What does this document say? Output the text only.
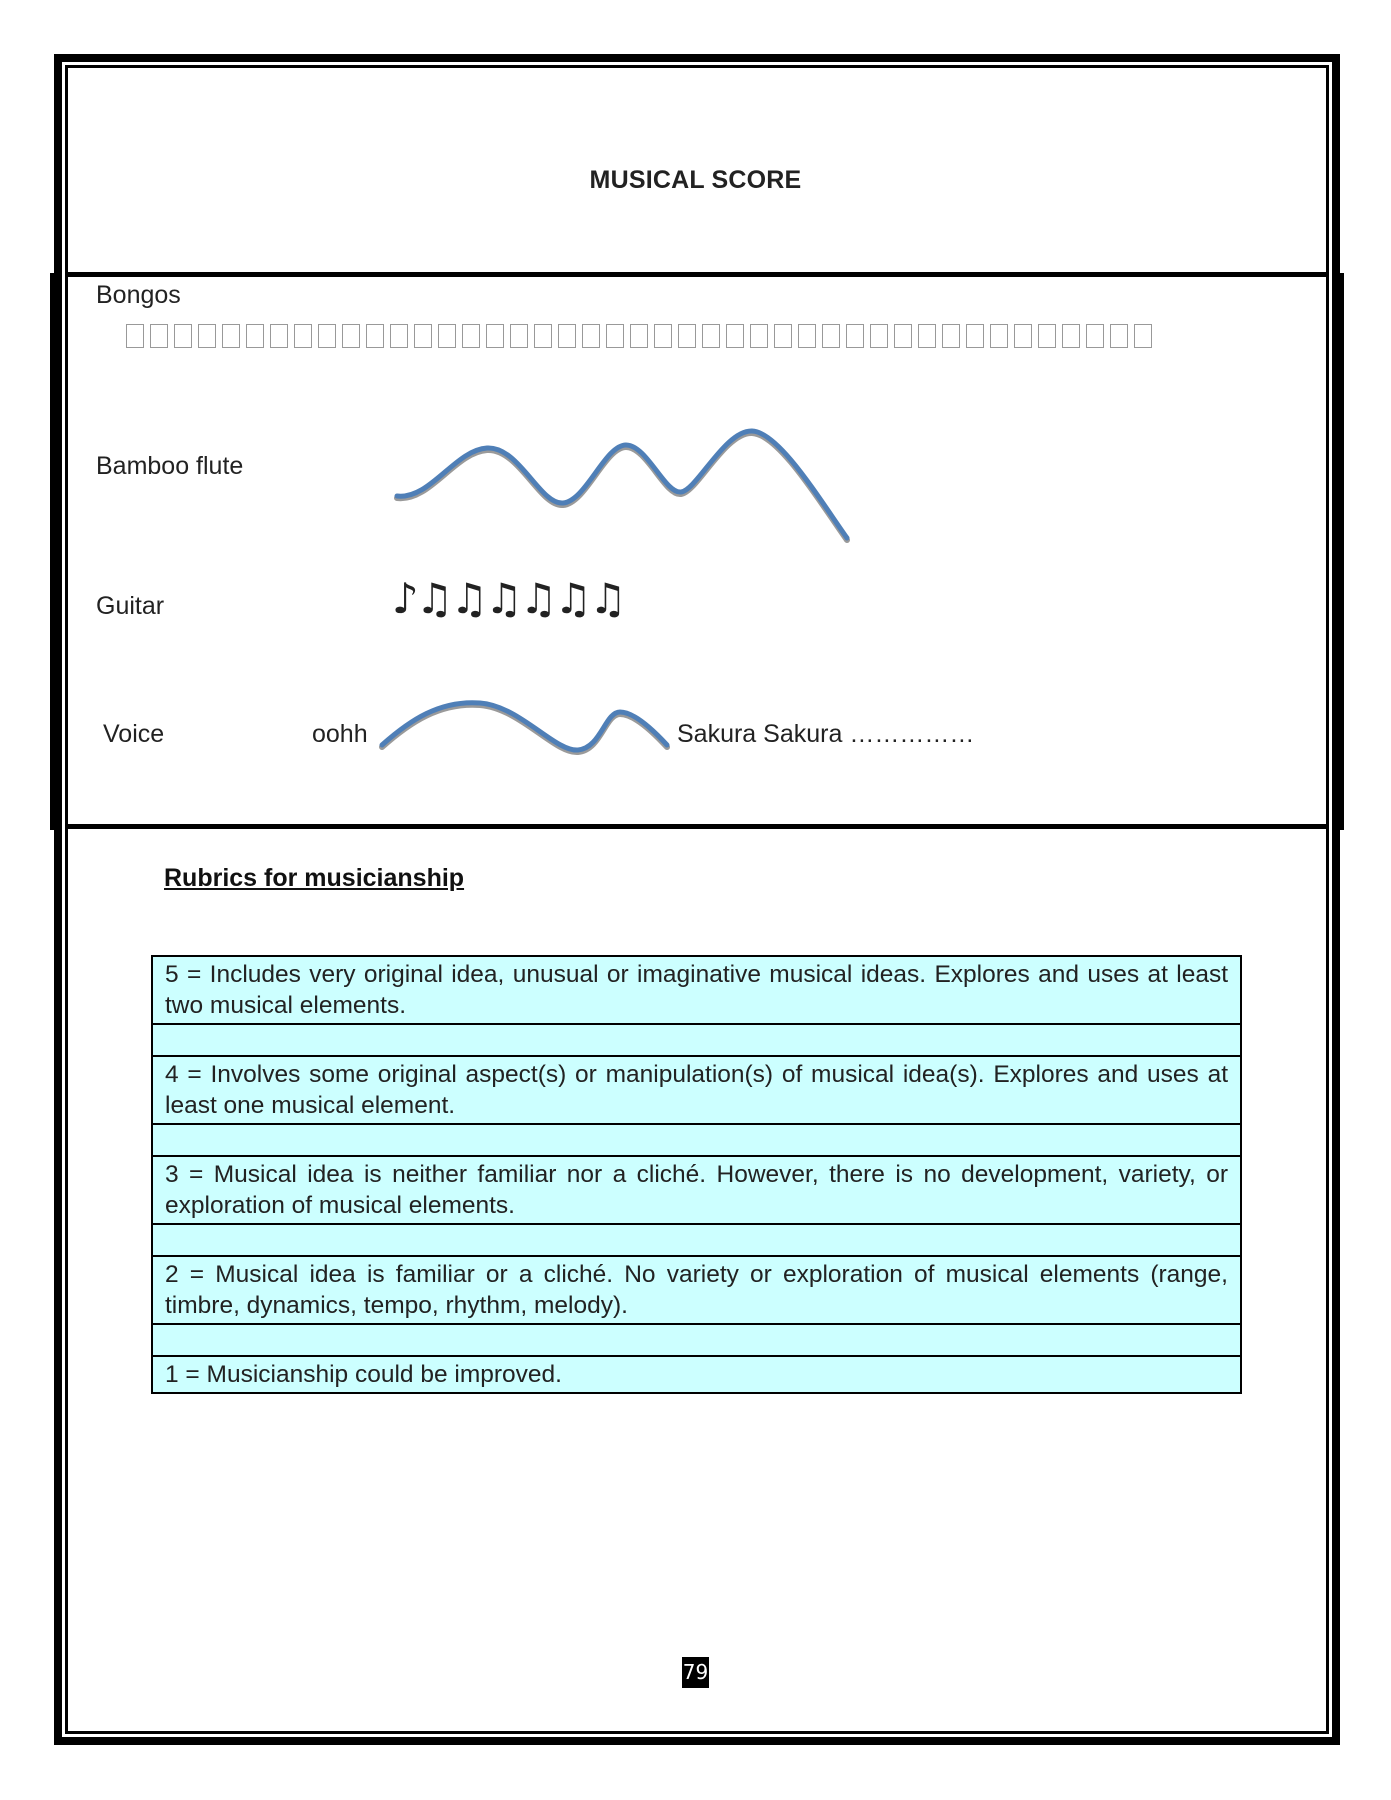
MUSICAL SCORE
Bongos
Bamboo flute
Guitar	♪♫♫♫♫♫♫
Voice	oohh	Sakura Sakura ……………
Rubrics for musicianship
5 = Includes very original idea, unusual or imaginative musical ideas. Explores and uses at least two musical elements.
4 = Involves some original aspect(s) or manipulation(s) of musical idea(s). Explores and uses at least one musical element.
3 = Musical idea is neither familiar nor a cliché. However, there is no development, variety, or exploration of musical elements.
2 = Musical idea is familiar or a cliché. No variety or exploration of musical elements (range, timbre, dynamics, tempo, rhythm, melody).
1 = Musicianship could be improved.
79
